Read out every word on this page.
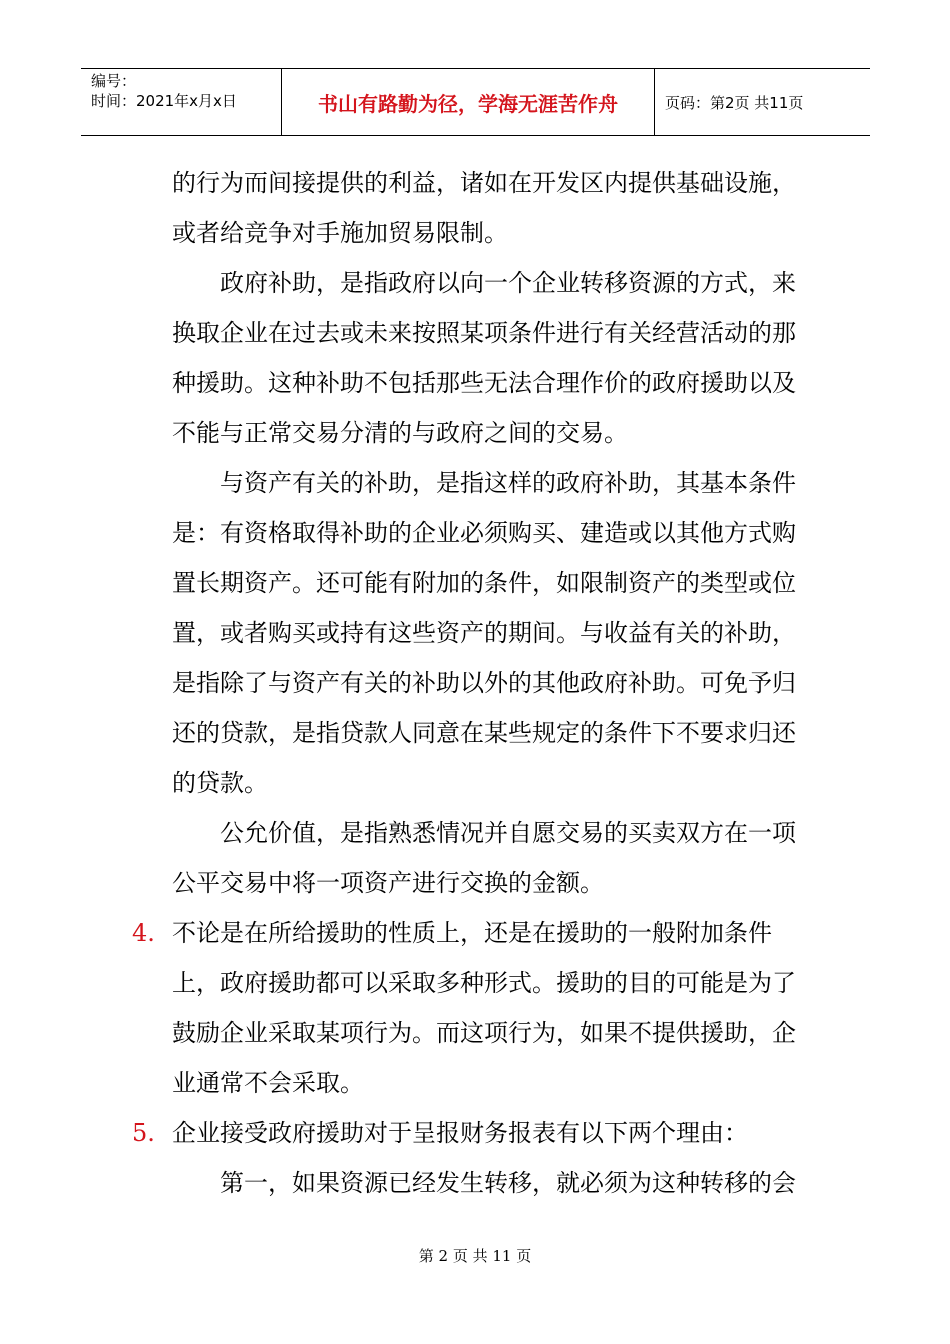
编号：
时间：2021年x月x日	书山有路勤为径，学海无涯苦作舟	页码：第2页 共11页
的行为而间接提供的利益，诸如在开发区内提供基础设施，
或者给竞争对手施加贸易限制。
政府补助，是指政府以向一个企业转移资源的方式，来
换取企业在过去或未来按照某项条件进行有关经营活动的那
种援助。这种补助不包括那些无法合理作价的政府援助以及
不能与正常交易分清的与政府之间的交易。
与资产有关的补助，是指这样的政府补助，其基本条件
是：有资格取得补助的企业必须购买、建造或以其他方式购
置长期资产。还可能有附加的条件，如限制资产的类型或位
置，或者购买或持有这些资产的期间。与收益有关的补助，
是指除了与资产有关的补助以外的其他政府补助。可免予归
还的贷款，是指贷款人同意在某些规定的条件下不要求归还
的贷款。
公允价值，是指熟悉情况并自愿交易的买卖双方在一项
公平交易中将一项资产进行交换的金额。
4. 不论是在所给援助的性质上，还是在援助的一般附加条件
上，政府援助都可以采取多种形式。援助的目的可能是为了
鼓励企业采取某项行为。而这项行为，如果不提供援助，企
业通常不会采取。
5. 企业接受政府援助对于呈报财务报表有以下两个理由：
第一，如果资源已经发生转移，就必须为这种转移的会
第 2 页 共 11 页
